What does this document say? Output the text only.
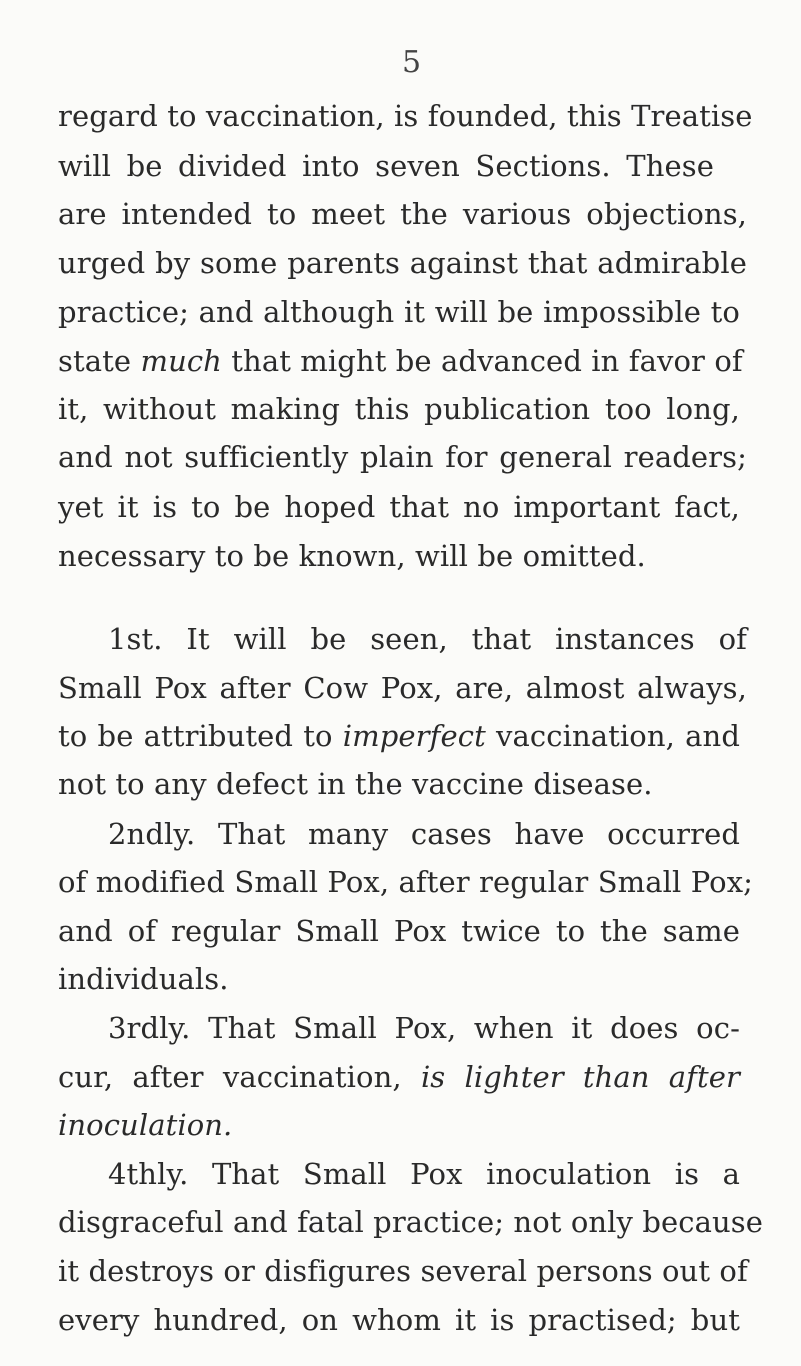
5
regard to vaccination, is founded, this Treatise
will be divided into seven Sections. These
are intended to meet the various objections,
urged by some parents against that admirable
practice; and although it will be impossible to
state much that might be advanced in favor of
it, without making this publication too long,
and not sufficiently plain for general readers;
yet it is to be hoped that no important fact,
necessary to be known, will be omitted.
1st. It will be seen, that instances of
Small Pox after Cow Pox, are, almost always,
to be attributed to imperfect vaccination, and
not to any defect in the vaccine disease.
2ndly. That many cases have occurred
of modified Small Pox, after regular Small Pox;
and of regular Small Pox twice to the same
individuals.
3rdly. That Small Pox, when it does oc-
cur, after vaccination, is lighter than after
inoculation.
4thly. That Small Pox inoculation is a
disgraceful and fatal practice; not only because
it destroys or disfigures several persons out of
every hundred, on whom it is practised; but
